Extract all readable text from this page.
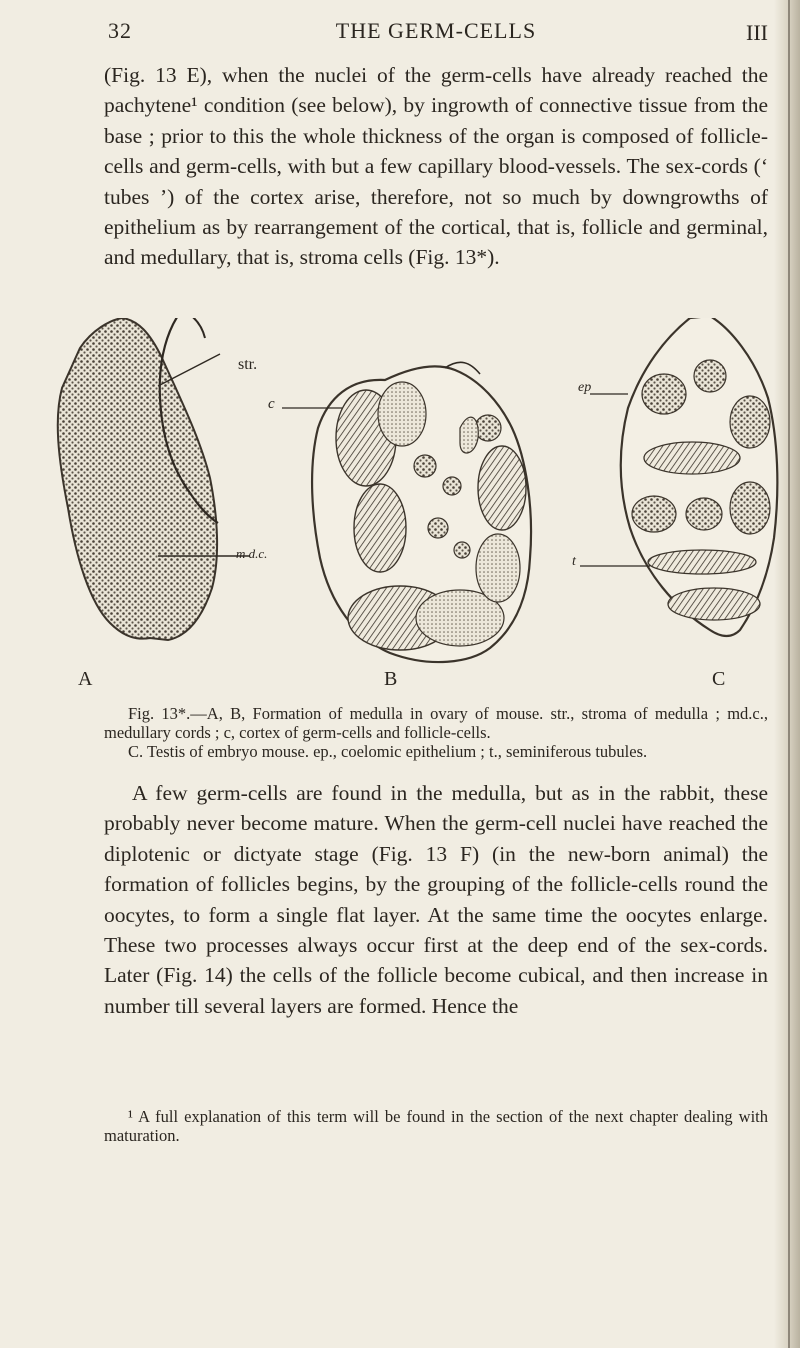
32	THE GERM-CELLS	III
(Fig. 13 E), when the nuclei of the germ-cells have already reached the pachytene¹ condition (see below), by ingrowth of connective tissue from the base ; prior to this the whole thickness of the organ is composed of follicle-cells and germ-cells, with but a few capillary blood-vessels. The sex-cords (‘ tubes ’) of the cortex arise, therefore, not so much by downgrowths of epithelium as by rearrangement of the cortical, that is, follicle and germinal, and medullary, that is, stroma cells (Fig. 13*).
str.
m d.c.
c
ep
t
A	B	C

Fig. 13*.—A, B, Formation of medulla in ovary of mouse. str., stroma of medulla ; md.c., medullary cords ; c, cortex of germ-cells and follicle-cells.

C. Testis of embryo mouse. ep., coelomic epithelium ; t., seminiferous tubules.

A few germ-cells are found in the medulla, but as in the rabbit, these probably never become mature. When the germ-cell nuclei have reached the diplotenic or dictyate stage (Fig. 13 F) (in the new-born animal) the formation of follicles begins, by the grouping of the follicle-cells round the oocytes, to form a single flat layer. At the same time the oocytes enlarge. These two processes always occur first at the deep end of the sex-cords. Later (Fig. 14) the cells of the follicle become cubical, and then increase in number till several layers are formed. Hence the
¹ A full explanation of this term will be found in the section of the next chapter dealing with maturation.
